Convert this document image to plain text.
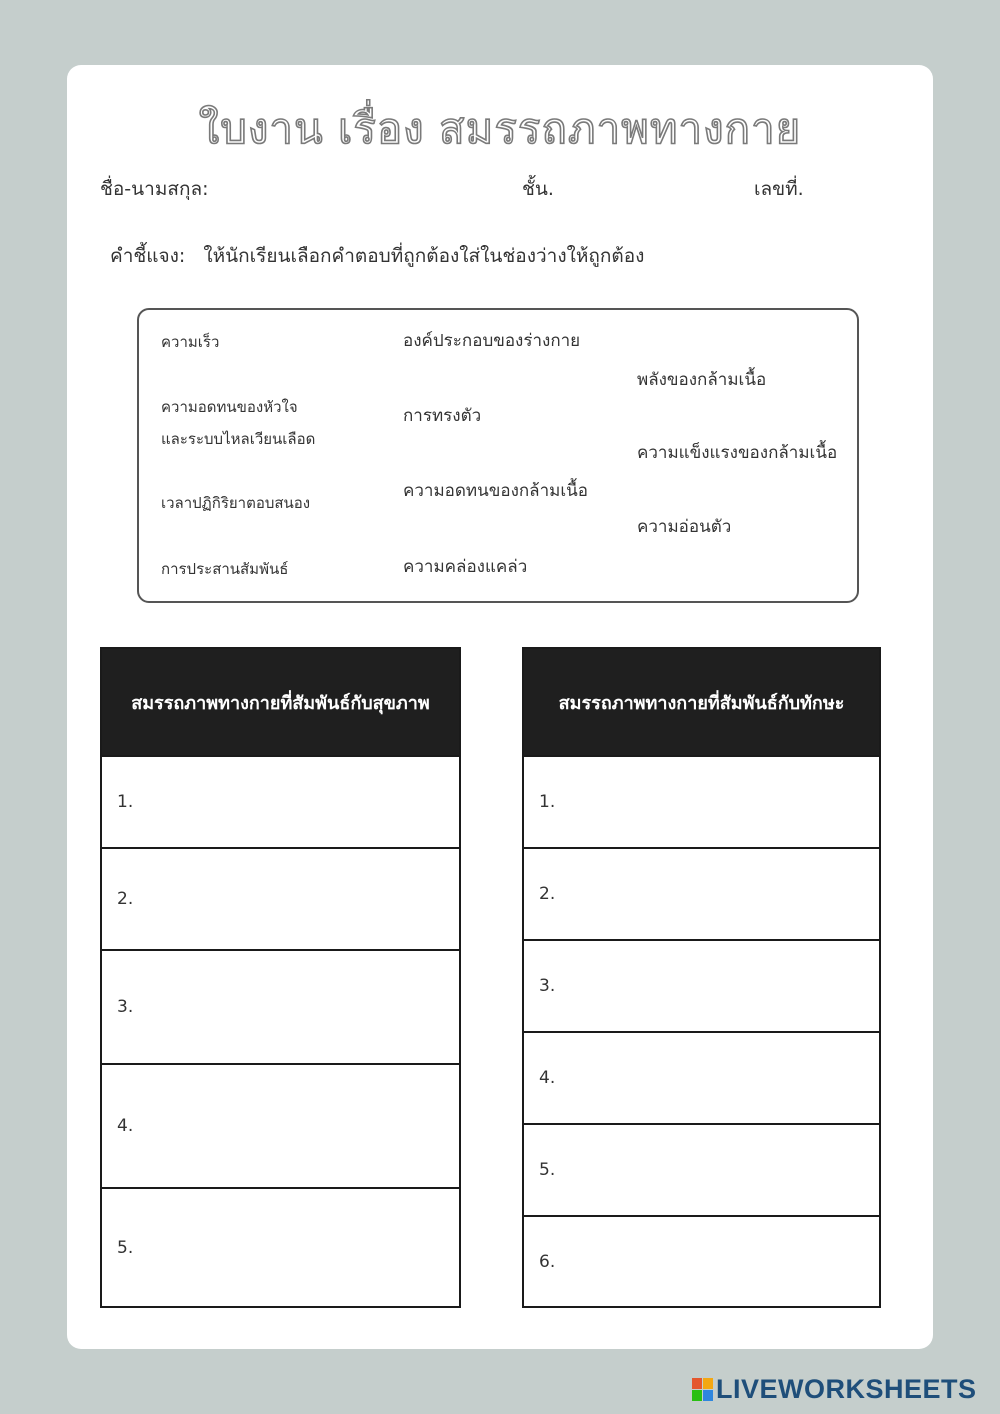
ใบงาน เรื่อง สมรรถภาพทางกาย
ชื่อ-นามสกุล:	ชั้น.	เลขที่.
คำชี้แจง: ให้นักเรียนเลือกคำตอบที่ถูกต้องใส่ในช่องว่างให้ถูกต้อง
ความเร็ว
ความอดทนของหัวใจ
และระบบไหลเวียนเลือด
เวลาปฏิกิริยาตอบสนอง
การประสานสัมพันธ์
องค์ประกอบของร่างกาย
การทรงตัว
ความอดทนของกล้ามเนื้อ
ความคล่องแคล่ว
พลังของกล้ามเนื้อ
ความแข็งแรงของกล้ามเนื้อ
ความอ่อนตัว
สมรรถภาพทางกายที่สัมพันธ์กับสุขภาพ
1.
2.
3.
4.
5.
สมรรถภาพทางกายที่สัมพันธ์กับทักษะ
1.
2.
3.
4.
5.
6.
LIVEWORKSHEETS
